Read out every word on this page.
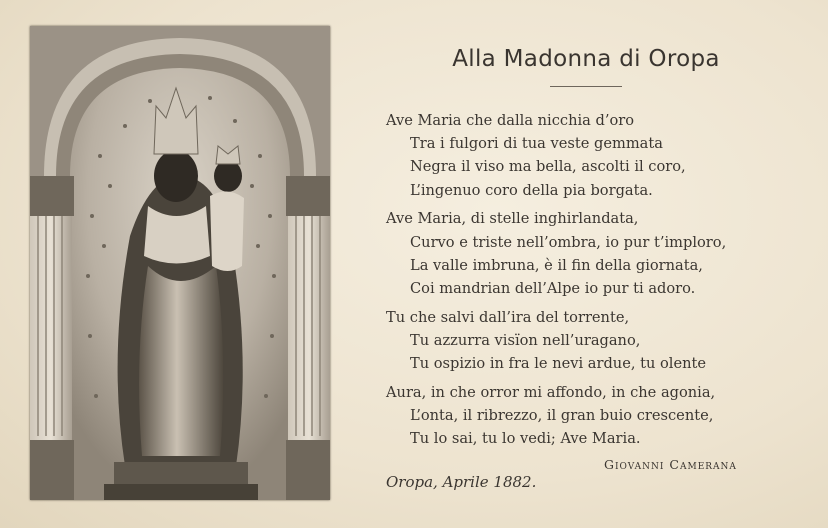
Alla Madonna di Oropa
Ave Maria che dalla nicchia d’oro
Tra i fulgori di tua veste gemmata
Negra il viso ma bella, ascolti il coro,
L’ingenuo coro della pia borgata.
Ave Maria, di stelle inghirlandata,
Curvo e triste nell’ombra, io pur t’imploro,
La valle imbruna, è il fin della giornata,
Coi mandrian dell’Alpe io pur ti adoro.
Tu che salvi dall’ira del torrente,
Tu azzurra visïon nell’uragano,
Tu ospizio in fra le nevi ardue, tu olente
Aura, in che orror mi affondo, in che agonia,
L’onta, il ribrezzo, il gran buio crescente,
Tu lo sai, tu lo vedi; Ave Maria.
Giovanni Camerana
Oropa, Aprile 1882.
